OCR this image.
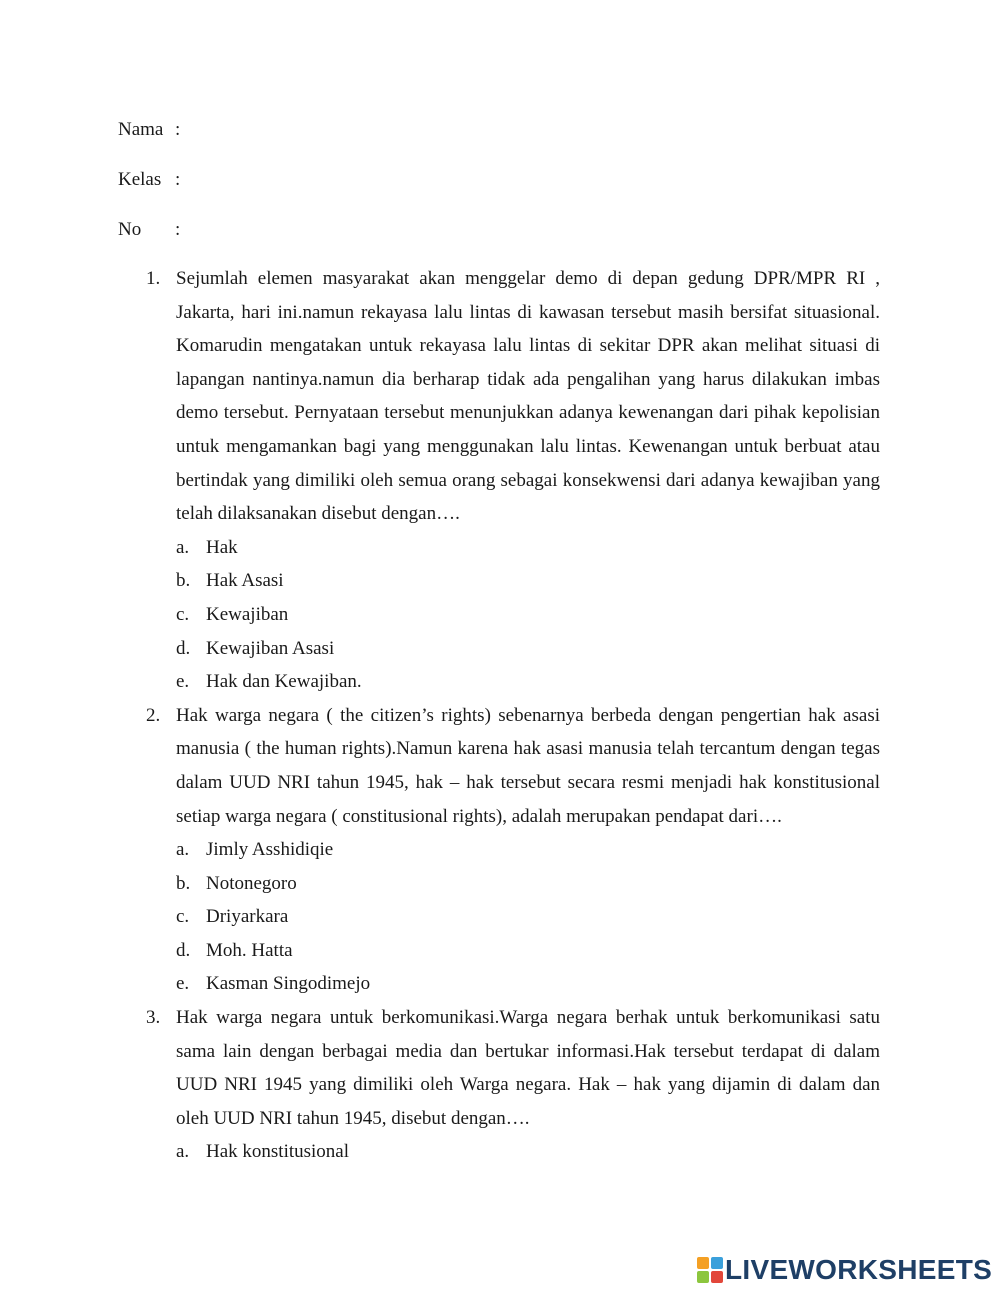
Nama :
Kelas :
No :
1. Sejumlah elemen masyarakat akan menggelar demo di depan gedung DPR/MPR RI , Jakarta, hari ini.namun rekayasa lalu lintas di kawasan tersebut masih bersifat situasional. Komarudin mengatakan untuk rekayasa lalu lintas di sekitar DPR akan melihat situasi di lapangan nantinya.namun dia berharap tidak ada pengalihan yang harus dilakukan imbas demo tersebut. Pernyataan tersebut menunjukkan adanya kewenangan dari pihak kepolisian untuk mengamankan bagi yang menggunakan lalu lintas. Kewenangan untuk berbuat atau bertindak yang dimiliki oleh semua orang sebagai konsekwensi dari adanya kewajiban yang telah dilaksanakan disebut dengan….
a. Hak
b. Hak Asasi
c. Kewajiban
d. Kewajiban Asasi
e. Hak dan Kewajiban.
2. Hak warga negara ( the citizen’s rights) sebenarnya berbeda dengan pengertian hak asasi manusia ( the human rights).Namun karena hak asasi manusia telah tercantum dengan tegas dalam UUD NRI tahun 1945, hak – hak tersebut secara resmi menjadi hak konstitusional setiap warga negara ( constitusional rights), adalah merupakan pendapat dari….
a. Jimly Asshidiqie
b. Notonegoro
c. Driyarkara
d. Moh. Hatta
e. Kasman Singodimejo
3. Hak warga negara untuk berkomunikasi.Warga negara berhak untuk berkomunikasi satu sama lain dengan berbagai media dan bertukar informasi.Hak tersebut terdapat di dalam UUD NRI 1945 yang dimiliki oleh Warga negara. Hak – hak yang dijamin di dalam dan oleh UUD NRI tahun 1945, disebut dengan….
a. Hak konstitusional
LIVEWORKSHEETS
